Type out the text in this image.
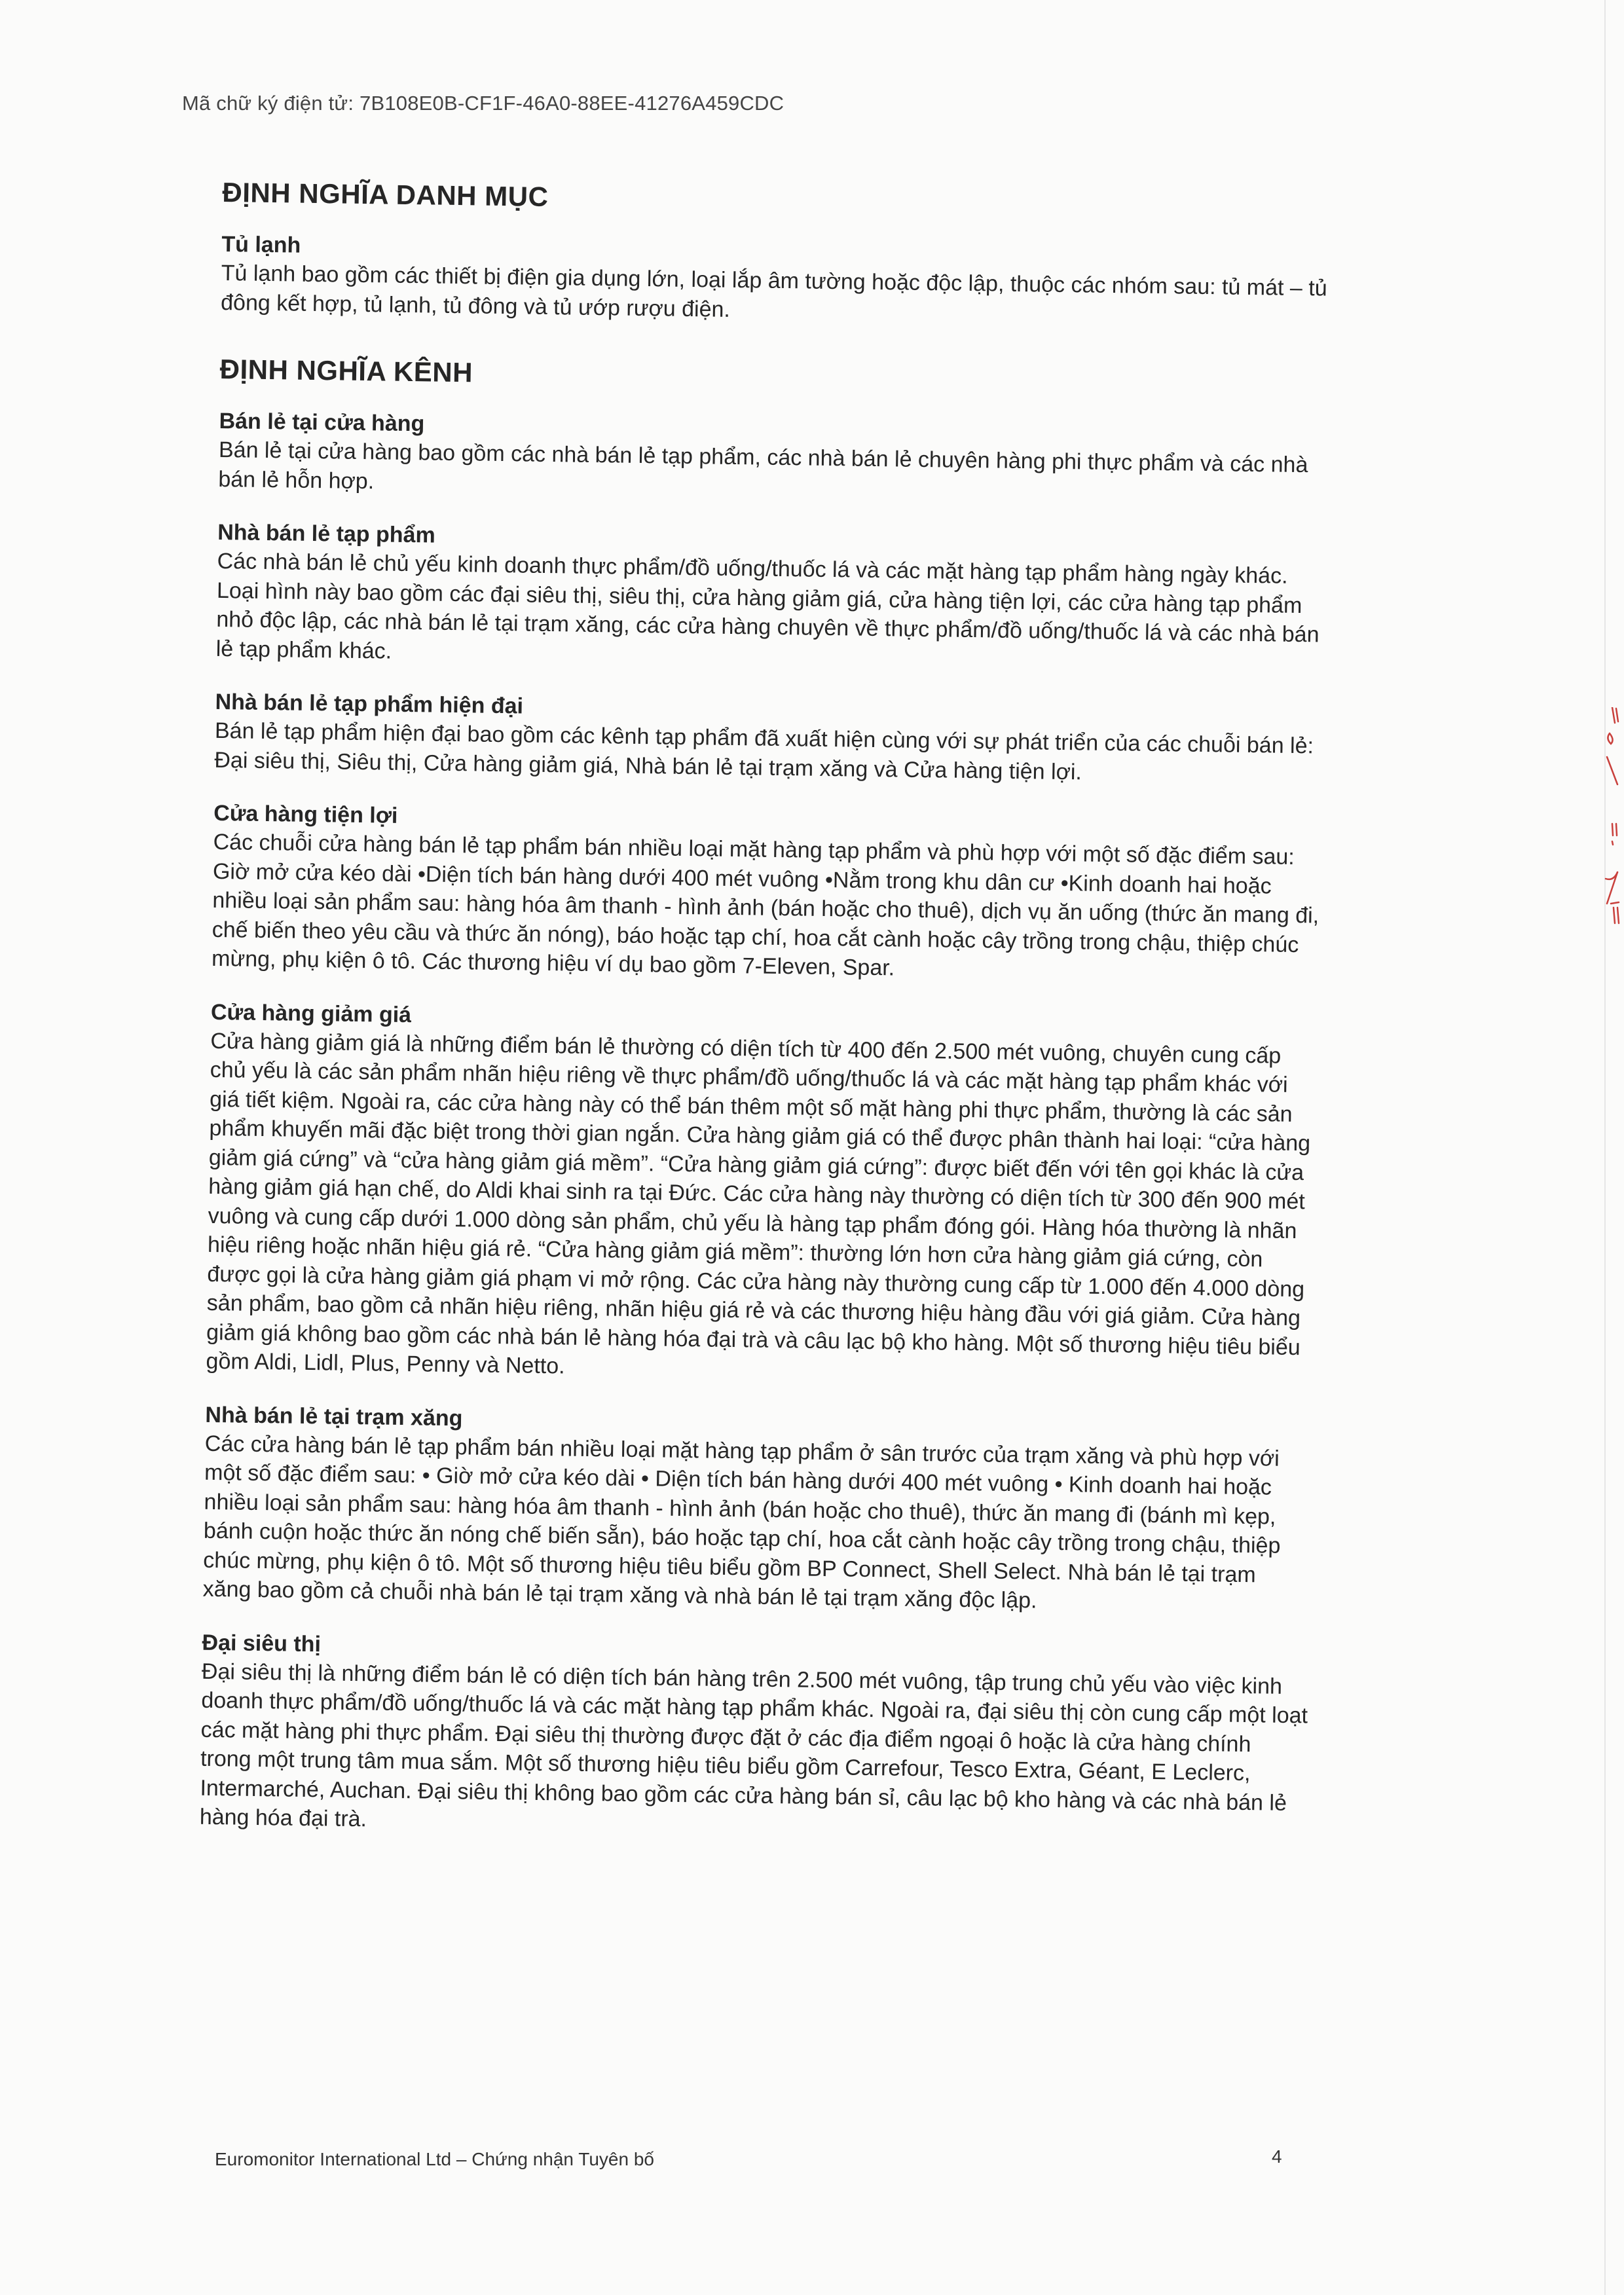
Mã chữ ký điện tử: 7B108E0B-CF1F-46A0-88EE-41276A459CDC
ĐỊNH NGHĨA DANH MỤC
Tủ lạnh

Tủ lạnh bao gồm các thiết bị điện gia dụng lớn, loại lắp âm tường hoặc độc lập, thuộc các nhóm sau: tủ mát – tủ đông kết hợp, tủ lạnh, tủ đông và tủ ướp rượu điện.

ĐỊNH NGHĨA KÊNH
Bán lẻ tại cửa hàng

Bán lẻ tại cửa hàng bao gồm các nhà bán lẻ tạp phẩm, các nhà bán lẻ chuyên hàng phi thực phẩm và các nhà bán lẻ hỗn hợp.

Nhà bán lẻ tạp phẩm

Các nhà bán lẻ chủ yếu kinh doanh thực phẩm/đồ uống/thuốc lá và các mặt hàng tạp phẩm hàng ngày khác. Loại hình này bao gồm các đại siêu thị, siêu thị, cửa hàng giảm giá, cửa hàng tiện lợi, các cửa hàng tạp phẩm nhỏ độc lập, các nhà bán lẻ tại trạm xăng, các cửa hàng chuyên về thực phẩm/đồ uống/thuốc lá và các nhà bán lẻ tạp phẩm khác.

Nhà bán lẻ tạp phẩm hiện đại

Bán lẻ tạp phẩm hiện đại bao gồm các kênh tạp phẩm đã xuất hiện cùng với sự phát triển của các chuỗi bán lẻ: Đại siêu thị, Siêu thị, Cửa hàng giảm giá, Nhà bán lẻ tại trạm xăng và Cửa hàng tiện lợi.

Cửa hàng tiện lợi

Các chuỗi cửa hàng bán lẻ tạp phẩm bán nhiều loại mặt hàng tạp phẩm và phù hợp với một số đặc điểm sau: Giờ mở cửa kéo dài •Diện tích bán hàng dưới 400 mét vuông •Nằm trong khu dân cư •Kinh doanh hai hoặc nhiều loại sản phẩm sau: hàng hóa âm thanh - hình ảnh (bán hoặc cho thuê), dịch vụ ăn uống (thức ăn mang đi, chế biến theo yêu cầu và thức ăn nóng), báo hoặc tạp chí, hoa cắt cành hoặc cây trồng trong chậu, thiệp chúc mừng, phụ kiện ô tô. Các thương hiệu ví dụ bao gồm 7-Eleven, Spar.

Cửa hàng giảm giá

Cửa hàng giảm giá là những điểm bán lẻ thường có diện tích từ 400 đến 2.500 mét vuông, chuyên cung cấp chủ yếu là các sản phẩm nhãn hiệu riêng về thực phẩm/đồ uống/thuốc lá và các mặt hàng tạp phẩm khác với giá tiết kiệm. Ngoài ra, các cửa hàng này có thể bán thêm một số mặt hàng phi thực phẩm, thường là các sản phẩm khuyến mãi đặc biệt trong thời gian ngắn. Cửa hàng giảm giá có thể được phân thành hai loại: “cửa hàng giảm giá cứng” và “cửa hàng giảm giá mềm”. “Cửa hàng giảm giá cứng”: được biết đến với tên gọi khác là cửa hàng giảm giá hạn chế, do Aldi khai sinh ra tại Đức. Các cửa hàng này thường có diện tích từ 300 đến 900 mét vuông và cung cấp dưới 1.000 dòng sản phẩm, chủ yếu là hàng tạp phẩm đóng gói. Hàng hóa thường là nhãn hiệu riêng hoặc nhãn hiệu giá rẻ. “Cửa hàng giảm giá mềm”: thường lớn hơn cửa hàng giảm giá cứng, còn được gọi là cửa hàng giảm giá phạm vi mở rộng. Các cửa hàng này thường cung cấp từ 1.000 đến 4.000 dòng sản phẩm, bao gồm cả nhãn hiệu riêng, nhãn hiệu giá rẻ và các thương hiệu hàng đầu với giá giảm. Cửa hàng giảm giá không bao gồm các nhà bán lẻ hàng hóa đại trà và câu lạc bộ kho hàng. Một số thương hiệu tiêu biểu gồm Aldi, Lidl, Plus, Penny và Netto.

Nhà bán lẻ tại trạm xăng

Các cửa hàng bán lẻ tạp phẩm bán nhiều loại mặt hàng tạp phẩm ở sân trước của trạm xăng và phù hợp với một số đặc điểm sau: • Giờ mở cửa kéo dài • Diện tích bán hàng dưới 400 mét vuông • Kinh doanh hai hoặc nhiều loại sản phẩm sau: hàng hóa âm thanh - hình ảnh (bán hoặc cho thuê), thức ăn mang đi (bánh mì kẹp, bánh cuộn hoặc thức ăn nóng chế biến sẵn), báo hoặc tạp chí, hoa cắt cành hoặc cây trồng trong chậu, thiệp chúc mừng, phụ kiện ô tô. Một số thương hiệu tiêu biểu gồm BP Connect, Shell Select. Nhà bán lẻ tại trạm xăng bao gồm cả chuỗi nhà bán lẻ tại trạm xăng và nhà bán lẻ tại trạm xăng độc lập.

Đại siêu thị

Đại siêu thị là những điểm bán lẻ có diện tích bán hàng trên 2.500 mét vuông, tập trung chủ yếu vào việc kinh doanh thực phẩm/đồ uống/thuốc lá và các mặt hàng tạp phẩm khác. Ngoài ra, đại siêu thị còn cung cấp một loạt các mặt hàng phi thực phẩm. Đại siêu thị thường được đặt ở các địa điểm ngoại ô hoặc là cửa hàng chính trong một trung tâm mua sắm. Một số thương hiệu tiêu biểu gồm Carrefour, Tesco Extra, Géant, E Leclerc, Intermarché, Auchan. Đại siêu thị không bao gồm các cửa hàng bán sỉ, câu lạc bộ kho hàng và các nhà bán lẻ hàng hóa đại trà.

Euromonitor International Ltd – Chứng nhận Tuyên bố	4
